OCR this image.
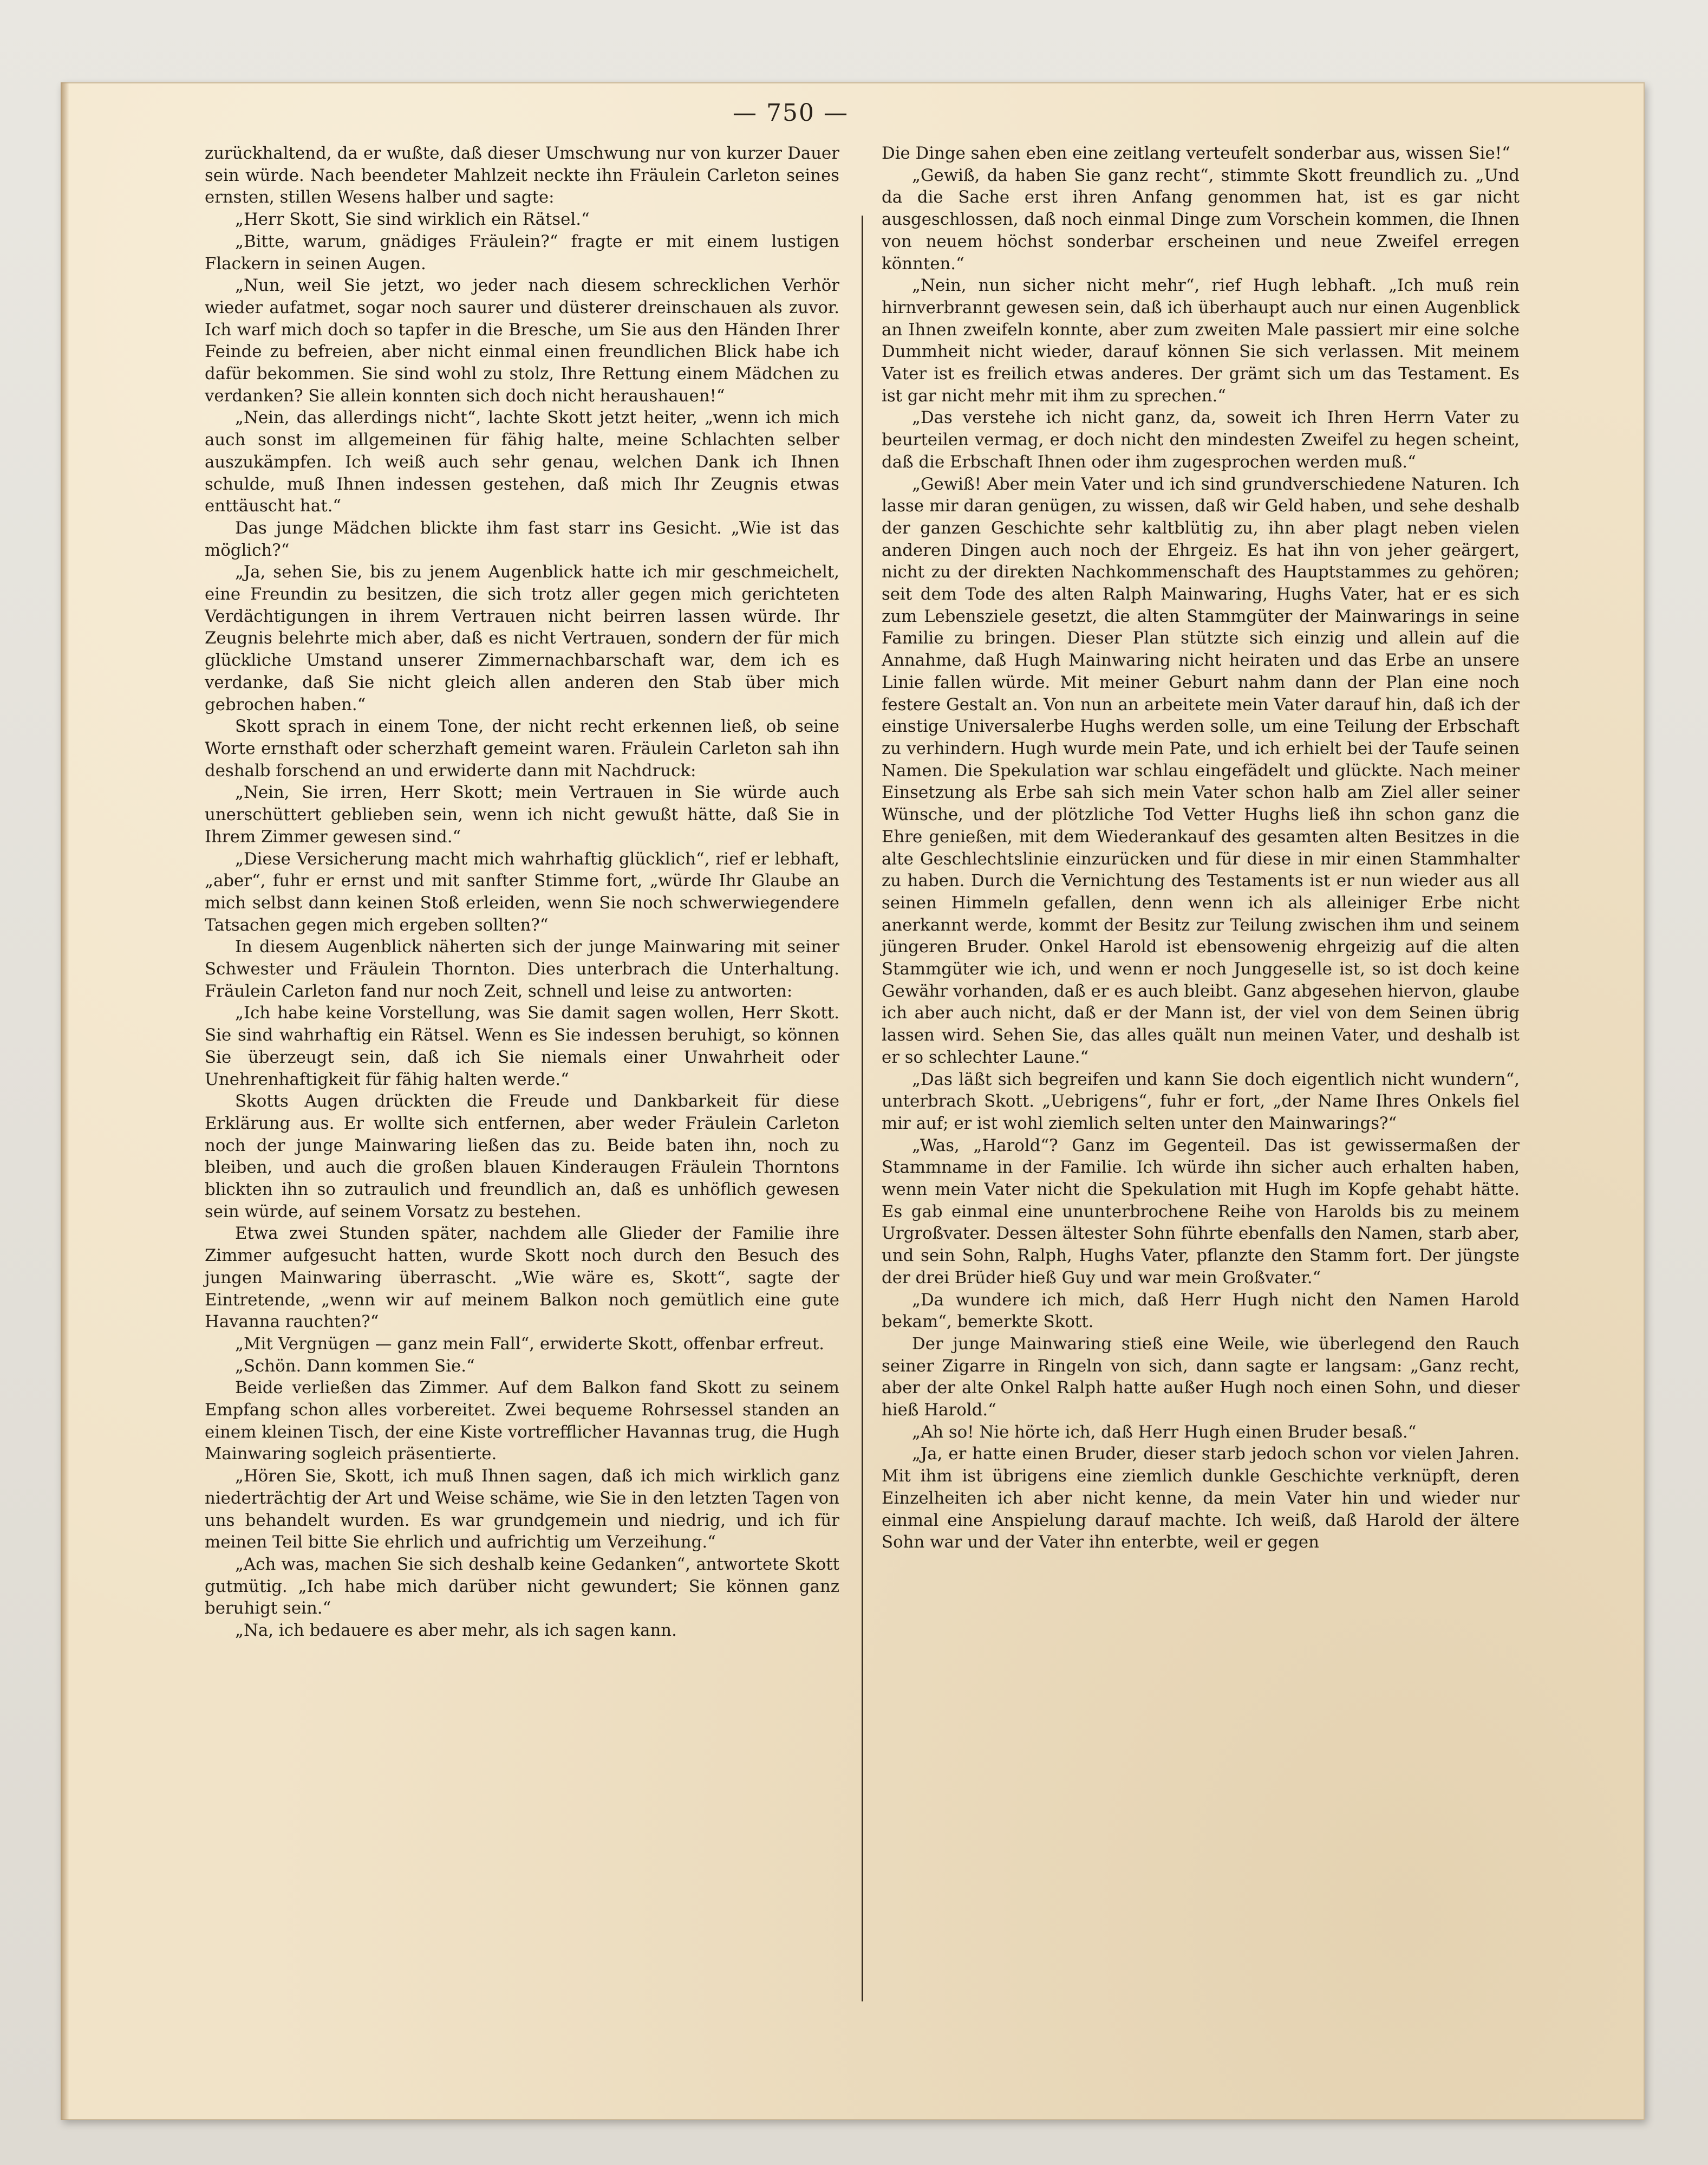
— 750 —

zurückhaltend, da er wußte, daß dieser Umschwung nur von kurzer Dauer sein würde. Nach beendeter Mahlzeit neckte ihn Fräulein Carleton seines ernsten, stillen Wesens halber und sagte:

„Herr Skott, Sie sind wirklich ein Rätsel.“

„Bitte, warum, gnädiges Fräulein?“ fragte er mit einem lustigen Flackern in seinen Augen.

„Nun, weil Sie jetzt, wo jeder nach diesem schrecklichen Verhör wieder aufatmet, sogar noch saurer und düsterer dreinschauen als zuvor. Ich warf mich doch so tapfer in die Bresche, um Sie aus den Händen Ihrer Feinde zu befreien, aber nicht einmal einen freundlichen Blick habe ich dafür bekommen. Sie sind wohl zu stolz, Ihre Rettung einem Mädchen zu verdanken? Sie allein konnten sich doch nicht heraushauen!“

„Nein, das allerdings nicht“, lachte Skott jetzt heiter, „wenn ich mich auch sonst im allgemeinen für fähig halte, meine Schlachten selber auszukämpfen. Ich weiß auch sehr genau, welchen Dank ich Ihnen schulde, muß Ihnen indessen gestehen, daß mich Ihr Zeugnis etwas enttäuscht hat.“

Das junge Mädchen blickte ihm fast starr ins Gesicht. „Wie ist das möglich?“

„Ja, sehen Sie, bis zu jenem Augenblick hatte ich mir geschmeichelt, eine Freundin zu besitzen, die sich trotz aller gegen mich gerichteten Verdächtigungen in ihrem Vertrauen nicht beirren lassen würde. Ihr Zeugnis belehrte mich aber, daß es nicht Vertrauen, sondern der für mich glückliche Umstand unserer Zimmernachbarschaft war, dem ich es verdanke, daß Sie nicht gleich allen anderen den Stab über mich gebrochen haben.“

Skott sprach in einem Tone, der nicht recht erkennen ließ, ob seine Worte ernsthaft oder scherzhaft gemeint waren. Fräulein Carleton sah ihn deshalb forschend an und erwiderte dann mit Nachdruck:

„Nein, Sie irren, Herr Skott; mein Vertrauen in Sie würde auch unerschüttert geblieben sein, wenn ich nicht gewußt hätte, daß Sie in Ihrem Zimmer gewesen sind.“

„Diese Versicherung macht mich wahrhaftig glücklich“, rief er lebhaft, „aber“, fuhr er ernst und mit sanfter Stimme fort, „würde Ihr Glaube an mich selbst dann keinen Stoß erleiden, wenn Sie noch schwerwiegendere Tatsachen gegen mich ergeben sollten?“

In diesem Augenblick näherten sich der junge Mainwaring mit seiner Schwester und Fräulein Thornton. Dies unterbrach die Unterhaltung. Fräulein Carleton fand nur noch Zeit, schnell und leise zu antworten:

„Ich habe keine Vorstellung, was Sie damit sagen wollen, Herr Skott. Sie sind wahrhaftig ein Rätsel. Wenn es Sie indessen beruhigt, so können Sie überzeugt sein, daß ich Sie niemals einer Unwahrheit oder Unehrenhaftigkeit für fähig halten werde.“

Skotts Augen drückten die Freude und Dankbarkeit für diese Erklärung aus. Er wollte sich entfernen, aber weder Fräulein Carleton noch der junge Mainwaring ließen das zu. Beide baten ihn, noch zu bleiben, und auch die großen blauen Kinderaugen Fräulein Thorntons blickten ihn so zutraulich und freundlich an, daß es unhöflich gewesen sein würde, auf seinem Vorsatz zu bestehen.

Etwa zwei Stunden später, nachdem alle Glieder der Familie ihre Zimmer aufgesucht hatten, wurde Skott noch durch den Besuch des jungen Mainwaring überrascht. „Wie wäre es, Skott“, sagte der Eintretende, „wenn wir auf meinem Balkon noch gemütlich eine gute Havanna rauchten?“

„Mit Vergnügen — ganz mein Fall“, erwiderte Skott, offenbar erfreut.

„Schön. Dann kommen Sie.“

Beide verließen das Zimmer. Auf dem Balkon fand Skott zu seinem Empfang schon alles vorbereitet. Zwei bequeme Rohrsessel standen an einem kleinen Tisch, der eine Kiste vortrefflicher Havannas trug, die Hugh Mainwaring sogleich präsentierte.

„Hören Sie, Skott, ich muß Ihnen sagen, daß ich mich wirklich ganz niederträchtig der Art und Weise schäme, wie Sie in den letzten Tagen von uns behandelt wurden. Es war grundgemein und niedrig, und ich für meinen Teil bitte Sie ehrlich und aufrichtig um Verzeihung.“

„Ach was, machen Sie sich deshalb keine Gedanken“, antwortete Skott gutmütig. „Ich habe mich darüber nicht gewundert; Sie können ganz beruhigt sein.“

„Na, ich bedauere es aber mehr, als ich sagen kann.

Die Dinge sahen eben eine zeitlang verteufelt sonderbar aus, wissen Sie!“

„Gewiß, da haben Sie ganz recht“, stimmte Skott freundlich zu. „Und da die Sache erst ihren Anfang genommen hat, ist es gar nicht ausgeschlossen, daß noch einmal Dinge zum Vorschein kommen, die Ihnen von neuem höchst sonderbar erscheinen und neue Zweifel erregen könnten.“

„Nein, nun sicher nicht mehr“, rief Hugh lebhaft. „Ich muß rein hirnverbrannt gewesen sein, daß ich überhaupt auch nur einen Augenblick an Ihnen zweifeln konnte, aber zum zweiten Male passiert mir eine solche Dummheit nicht wieder, darauf können Sie sich verlassen. Mit meinem Vater ist es freilich etwas anderes. Der grämt sich um das Testament. Es ist gar nicht mehr mit ihm zu sprechen.“

„Das verstehe ich nicht ganz, da, soweit ich Ihren Herrn Vater zu beurteilen vermag, er doch nicht den mindesten Zweifel zu hegen scheint, daß die Erbschaft Ihnen oder ihm zugesprochen werden muß.“

„Gewiß! Aber mein Vater und ich sind grundverschiedene Naturen. Ich lasse mir daran genügen, zu wissen, daß wir Geld haben, und sehe deshalb der ganzen Geschichte sehr kaltblütig zu, ihn aber plagt neben vielen anderen Dingen auch noch der Ehrgeiz. Es hat ihn von jeher geärgert, nicht zu der direkten Nachkommenschaft des Hauptstammes zu gehören; seit dem Tode des alten Ralph Mainwaring, Hughs Vater, hat er es sich zum Lebensziele gesetzt, die alten Stammgüter der Mainwarings in seine Familie zu bringen. Dieser Plan stützte sich einzig und allein auf die Annahme, daß Hugh Mainwaring nicht heiraten und das Erbe an unsere Linie fallen würde. Mit meiner Geburt nahm dann der Plan eine noch festere Gestalt an. Von nun an arbeitete mein Vater darauf hin, daß ich der einstige Universalerbe Hughs werden solle, um eine Teilung der Erbschaft zu verhindern. Hugh wurde mein Pate, und ich erhielt bei der Taufe seinen Namen. Die Spekulation war schlau eingefädelt und glückte. Nach meiner Einsetzung als Erbe sah sich mein Vater schon halb am Ziel aller seiner Wünsche, und der plötzliche Tod Vetter Hughs ließ ihn schon ganz die Ehre genießen, mit dem Wiederankauf des gesamten alten Besitzes in die alte Geschlechtslinie einzurücken und für diese in mir einen Stammhalter zu haben. Durch die Vernichtung des Testaments ist er nun wieder aus all seinen Himmeln gefallen, denn wenn ich als alleiniger Erbe nicht anerkannt werde, kommt der Besitz zur Teilung zwischen ihm und seinem jüngeren Bruder. Onkel Harold ist ebensowenig ehrgeizig auf die alten Stammgüter wie ich, und wenn er noch Junggeselle ist, so ist doch keine Gewähr vorhanden, daß er es auch bleibt. Ganz abgesehen hiervon, glaube ich aber auch nicht, daß er der Mann ist, der viel von dem Seinen übrig lassen wird. Sehen Sie, das alles quält nun meinen Vater, und deshalb ist er so schlechter Laune.“

„Das läßt sich begreifen und kann Sie doch eigentlich nicht wundern“, unterbrach Skott. „Uebrigens“, fuhr er fort, „der Name Ihres Onkels fiel mir auf; er ist wohl ziemlich selten unter den Mainwarings?“

„Was, „Harold“? Ganz im Gegenteil. Das ist gewissermaßen der Stammname in der Familie. Ich würde ihn sicher auch erhalten haben, wenn mein Vater nicht die Spekulation mit Hugh im Kopfe gehabt hätte. Es gab einmal eine ununterbrochene Reihe von Harolds bis zu meinem Urgroßvater. Dessen ältester Sohn führte ebenfalls den Namen, starb aber, und sein Sohn, Ralph, Hughs Vater, pflanzte den Stamm fort. Der jüngste der drei Brüder hieß Guy und war mein Großvater.“

„Da wundere ich mich, daß Herr Hugh nicht den Namen Harold bekam“, bemerkte Skott.

Der junge Mainwaring stieß eine Weile, wie überlegend den Rauch seiner Zigarre in Ringeln von sich, dann sagte er langsam: „Ganz recht, aber der alte Onkel Ralph hatte außer Hugh noch einen Sohn, und dieser hieß Harold.“

„Ah so! Nie hörte ich, daß Herr Hugh einen Bruder besaß.“

„Ja, er hatte einen Bruder, dieser starb jedoch schon vor vielen Jahren. Mit ihm ist übrigens eine ziemlich dunkle Geschichte verknüpft, deren Einzelheiten ich aber nicht kenne, da mein Vater hin und wieder nur einmal eine Anspielung darauf machte. Ich weiß, daß Harold der ältere Sohn war und der Vater ihn enterbte, weil er gegen
